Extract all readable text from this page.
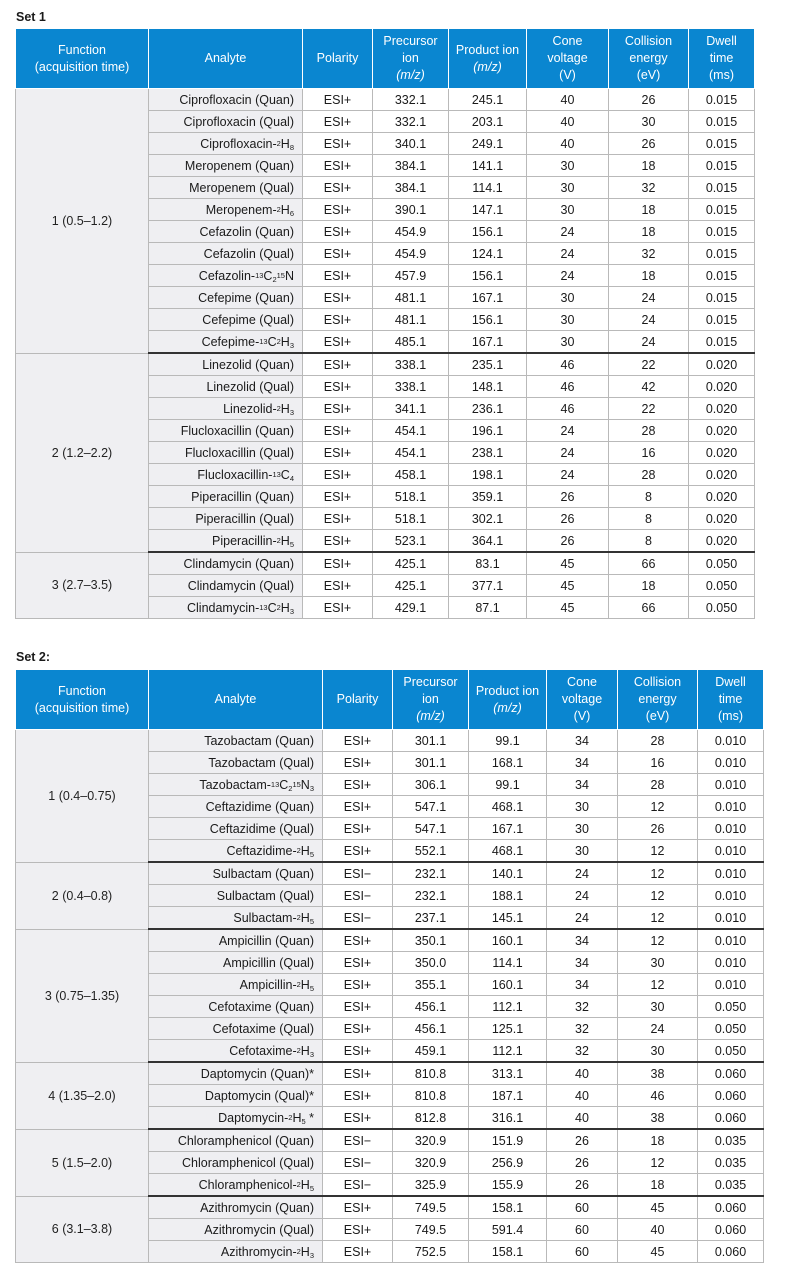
Set 1
Function
(acquisition time)	Analyte	Polarity	Precursor
ion
(m/z)	Product ion
(m/z)	Cone
voltage
(V)	Collision
energy
(eV)	Dwell
time
(ms)
1 (0.5–1.2)	Ciprofloxacin (Quan)	ESI+	332.1	245.1	40	26	0.015
	Ciprofloxacin (Qual)	ESI+	332.1	203.1	40	30	0.015
	Ciprofloxacin-$^2H_8$	ESI+	340.1	249.1	40	26	0.015
	Meropenem (Quan)	ESI+	384.1	141.1	30	18	0.015
	Meropenem (Qual)	ESI+	384.1	114.1	30	32	0.015
	Meropenem-$^2H_6$	ESI+	390.1	147.1	30	18	0.015
	Cefazolin (Quan)	ESI+	454.9	156.1	24	18	0.015
	Cefazolin (Qual)	ESI+	454.9	124.1	24	32	0.015
	Cefazolin-$^{13}C_2^{15}N$	ESI+	457.9	156.1	24	18	0.015
	Cefepime (Quan)	ESI+	481.1	167.1	30	24	0.015
	Cefepime (Qual)	ESI+	481.1	156.1	30	24	0.015
	Cefepime-$^{13}C^2H_3$	ESI+	485.1	167.1	30	24	0.015
2 (1.2–2.2)	Linezolid (Quan)	ESI+	338.1	235.1	46	22	0.020
	Linezolid (Qual)	ESI+	338.1	148.1	46	42	0.020
	Linezolid-$^2H_3$	ESI+	341.1	236.1	46	22	0.020
	Flucloxacillin (Quan)	ESI+	454.1	196.1	24	28	0.020
	Flucloxacillin (Qual)	ESI+	454.1	238.1	24	16	0.020
	Flucloxacillin-$^{13}C_4$	ESI+	458.1	198.1	24	28	0.020
	Piperacillin (Quan)	ESI+	518.1	359.1	26	8	0.020
	Piperacillin (Qual)	ESI+	518.1	302.1	26	8	0.020
	Piperacillin-$^2H_5$	ESI+	523.1	364.1	26	8	0.020
3 (2.7–3.5)	Clindamycin (Quan)	ESI+	425.1	83.1	45	66	0.050
	Clindamycin (Qual)	ESI+	425.1	377.1	45	18	0.050
	Clindamycin-$^{13}C^2H_3$	ESI+	429.1	87.1	45	66	0.050
Set 2:
Function
(acquisition time)	Analyte	Polarity	Precursor
ion
(m/z)	Product ion
(m/z)	Cone
voltage
(V)	Collision
energy
(eV)	Dwell
time
(ms)
1 (0.4–0.75)	Tazobactam (Quan)	ESI+	301.1	99.1	34	28	0.010
	Tazobactam (Qual)	ESI+	301.1	168.1	34	16	0.010
	Tazobactam-$^{13}C_2^{15}N_3$	ESI+	306.1	99.1	34	28	0.010
	Ceftazidime (Quan)	ESI+	547.1	468.1	30	12	0.010
	Ceftazidime (Qual)	ESI+	547.1	167.1	30	26	0.010
	Ceftazidime-$^2H_5$	ESI+	552.1	468.1	30	12	0.010
2 (0.4–0.8)	Sulbactam (Quan)	ESI−	232.1	140.1	24	12	0.010
	Sulbactam (Qual)	ESI−	232.1	188.1	24	12	0.010
	Sulbactam-$^2H_5$	ESI−	237.1	145.1	24	12	0.010
3 (0.75–1.35)	Ampicillin (Quan)	ESI+	350.1	160.1	34	12	0.010
	Ampicillin (Qual)	ESI+	350.0	114.1	34	30	0.010
	Ampicillin-$^2H_5$	ESI+	355.1	160.1	34	12	0.010
	Cefotaxime (Quan)	ESI+	456.1	112.1	32	30	0.050
	Cefotaxime (Qual)	ESI+	456.1	125.1	32	24	0.050
	Cefotaxime-$^2H_3$	ESI+	459.1	112.1	32	30	0.050
4 (1.35–2.0)	Daptomycin (Quan)*	ESI+	810.8	313.1	40	38	0.060
	Daptomycin (Qual)*	ESI+	810.8	187.1	40	46	0.060
	Daptomycin-$^2H_5$ *	ESI+	812.8	316.1	40	38	0.060
5 (1.5–2.0)	Chloramphenicol (Quan)	ESI−	320.9	151.9	26	18	0.035
	Chloramphenicol (Qual)	ESI−	320.9	256.9	26	12	0.035
	Chloramphenicol-$^2H_5$	ESI−	325.9	155.9	26	18	0.035
6 (3.1–3.8)	Azithromycin (Quan)	ESI+	749.5	158.1	60	45	0.060
	Azithromycin (Qual)	ESI+	749.5	591.4	60	40	0.060
	Azithromycin-$^2H_3$	ESI+	752.5	158.1	60	45	0.060
